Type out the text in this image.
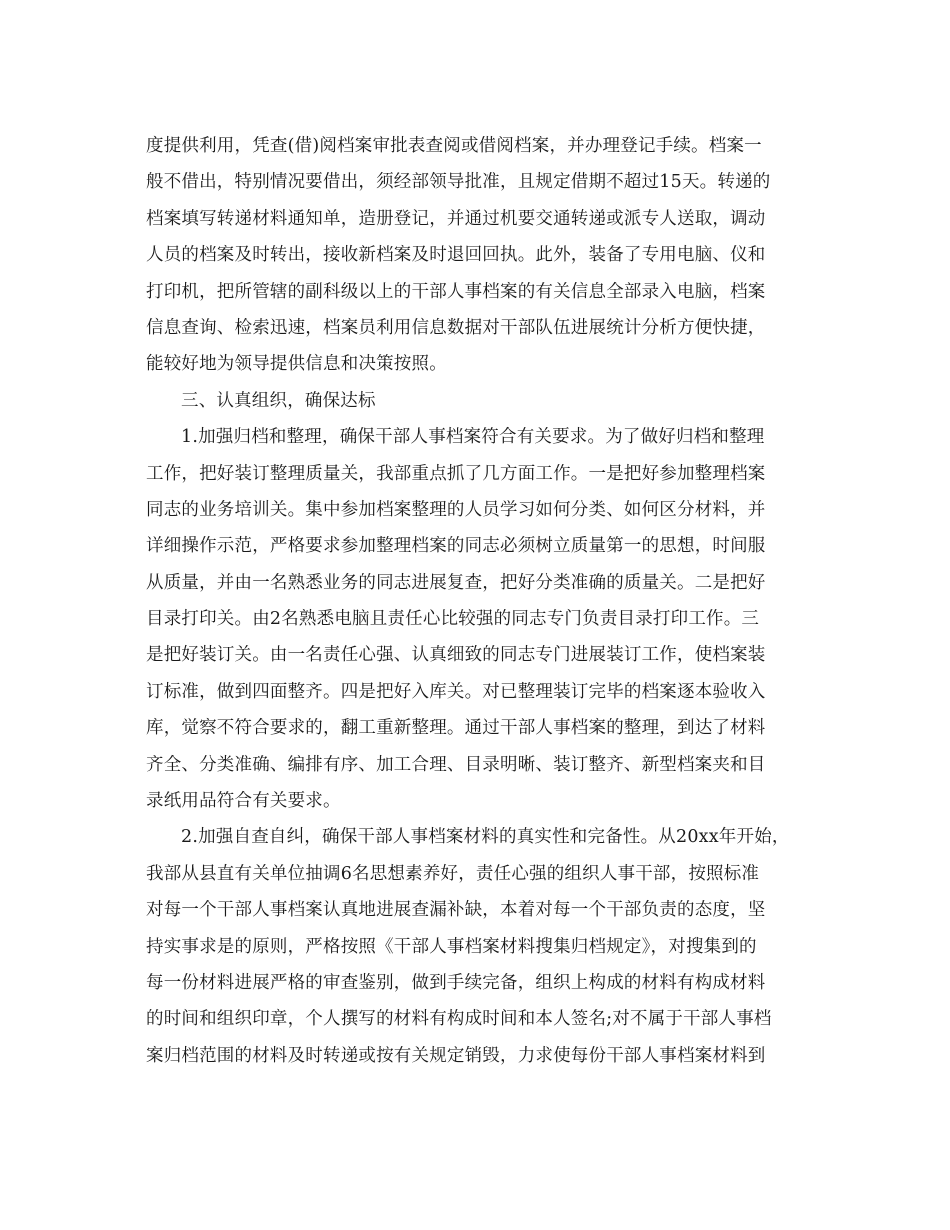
度提供利用，凭查(借)阅档案审批表查阅或借阅档案，并办理登记手续。档案一
般不借出，特别情况要借出，须经部领导批准，且规定借期不超过15天。转递的
档案填写转递材料通知单，造册登记，并通过机要交通转递或派专人送取，调动
人员的档案及时转出，接收新档案及时退回回执。此外，装备了专用电脑、仪和
打印机，把所管辖的副科级以上的干部人事档案的有关信息全部录入电脑，档案
信息查询、检索迅速，档案员利用信息数据对干部队伍进展统计分析方便快捷，
能较好地为领导提供信息和决策按照。
三、认真组织，确保达标
1.加强归档和整理，确保干部人事档案符合有关要求。为了做好归档和整理
工作，把好装订整理质量关，我部重点抓了几方面工作。一是把好参加整理档案
同志的业务培训关。集中参加档案整理的人员学习如何分类、如何区分材料，并
详细操作示范，严格要求参加整理档案的同志必须树立质量第一的思想，时间服
从质量，并由一名熟悉业务的同志进展复查，把好分类准确的质量关。二是把好
目录打印关。由2名熟悉电脑且责任心比较强的同志专门负责目录打印工作。三
是把好装订关。由一名责任心强、认真细致的同志专门进展装订工作，使档案装
订标准，做到四面整齐。四是把好入库关。对已整理装订完毕的档案逐本验收入
库，觉察不符合要求的，翻工重新整理。通过干部人事档案的整理，到达了材料
齐全、分类准确、编排有序、加工合理、目录明晰、装订整齐、新型档案夹和目
录纸用品符合有关要求。
2.加强自查自纠，确保干部人事档案材料的真实性和完备性。从20xx年开始，
我部从县直有关单位抽调6名思想素养好，责任心强的组织人事干部，按照标准
对每一个干部人事档案认真地进展查漏补缺，本着对每一个干部负责的态度，坚
持实事求是的原则，严格按照《干部人事档案材料搜集归档规定》，对搜集到的
每一份材料进展严格的审查鉴别，做到手续完备，组织上构成的材料有构成材料
的时间和组织印章，个人撰写的材料有构成时间和本人签名;对不属于干部人事档
案归档范围的材料及时转递或按有关规定销毁，力求使每份干部人事档案材料到
